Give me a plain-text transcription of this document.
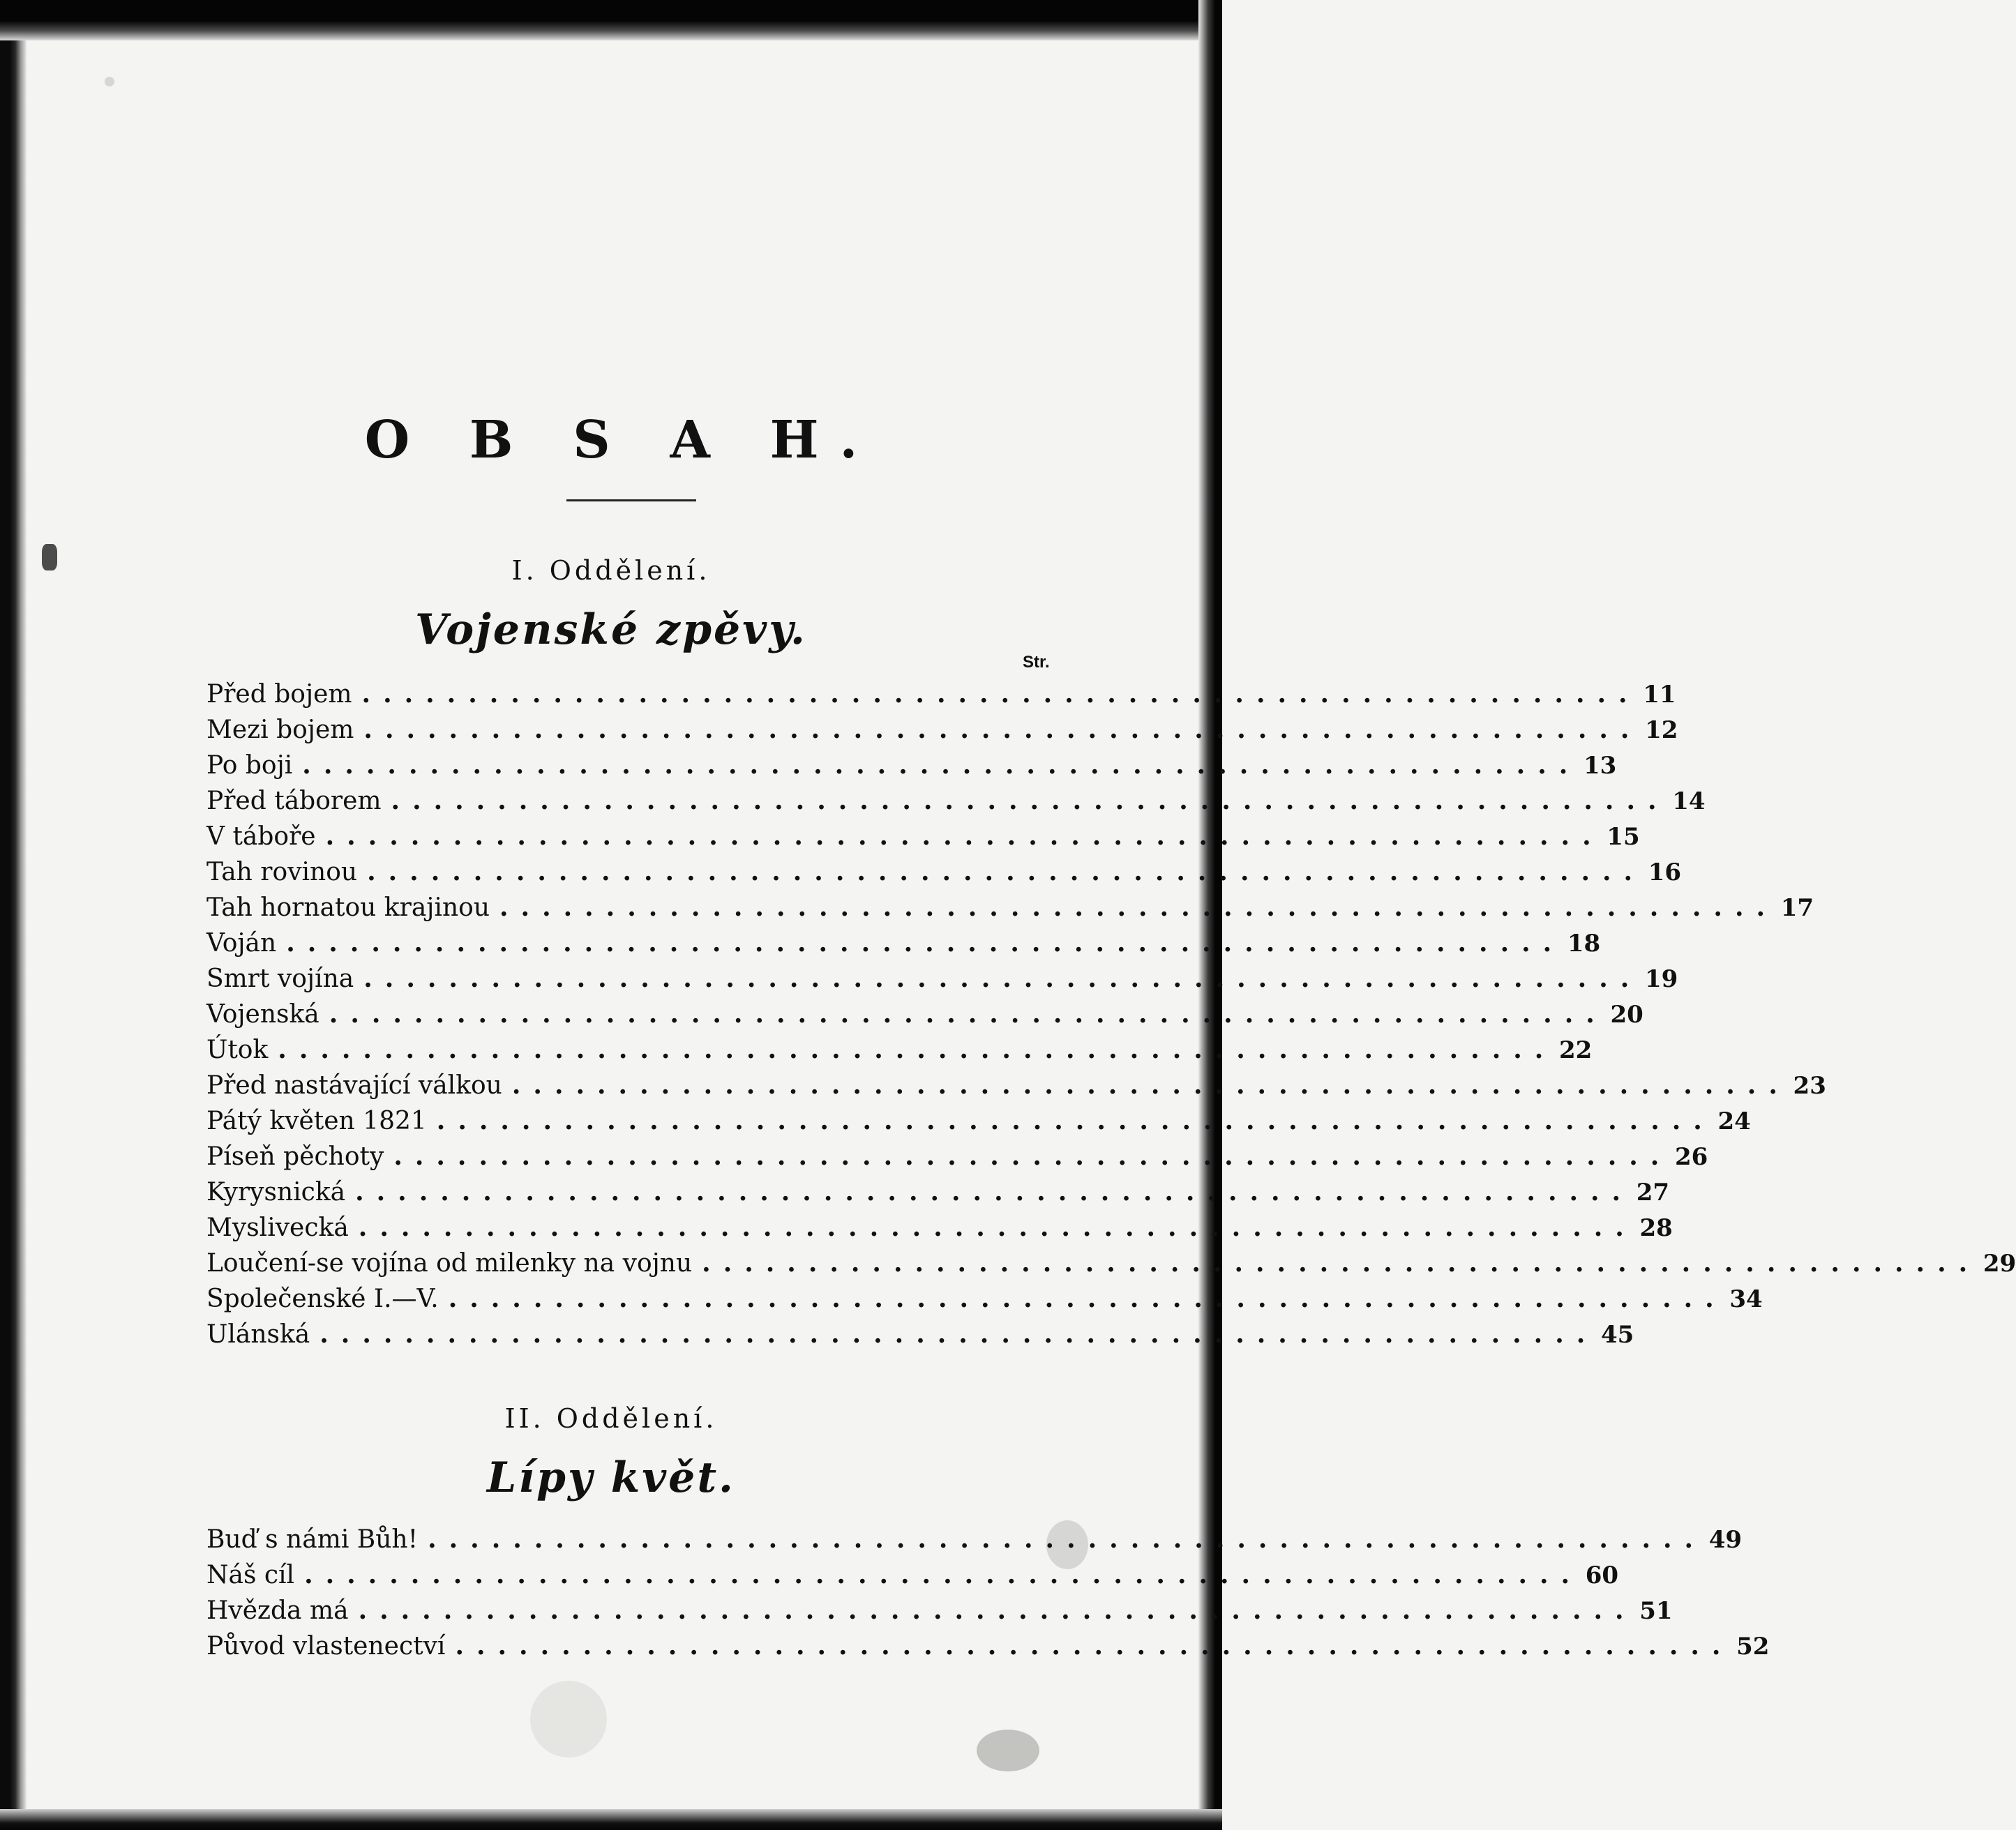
O B S A H.
I. Oddělení.
Vojenské zpěvy.
Str.
Před bojem ............................................................ 11
Mezi bojem ............................................................ 12
Po boji ............................................................ 13
Před táborem ............................................................ 14
V táboře ............................................................ 15
Tah rovinou ............................................................ 16
Tah hornatou krajinou ............................................................ 17
Voján ............................................................ 18
Smrt vojína ............................................................ 19
Vojenská ............................................................ 20
Útok ............................................................ 22
Před nastávající válkou ............................................................ 23
Pátý květen 1821 ............................................................ 24
Píseň pěchoty ............................................................ 26
Kyrysnická ............................................................ 27
Myslivecká ............................................................ 28
Loučení-se vojína od milenky na vojnu ............................................................ 29
Společenské I.—V. ............................................................ 34
Ulánská ............................................................ 45
II. Oddělení.
Lípy květ.
Buď s námi Bůh! ............................................................ 49
Náš cíl ............................................................ 60
Hvězda má ............................................................ 51
Původ vlastenectví ............................................................ 52
